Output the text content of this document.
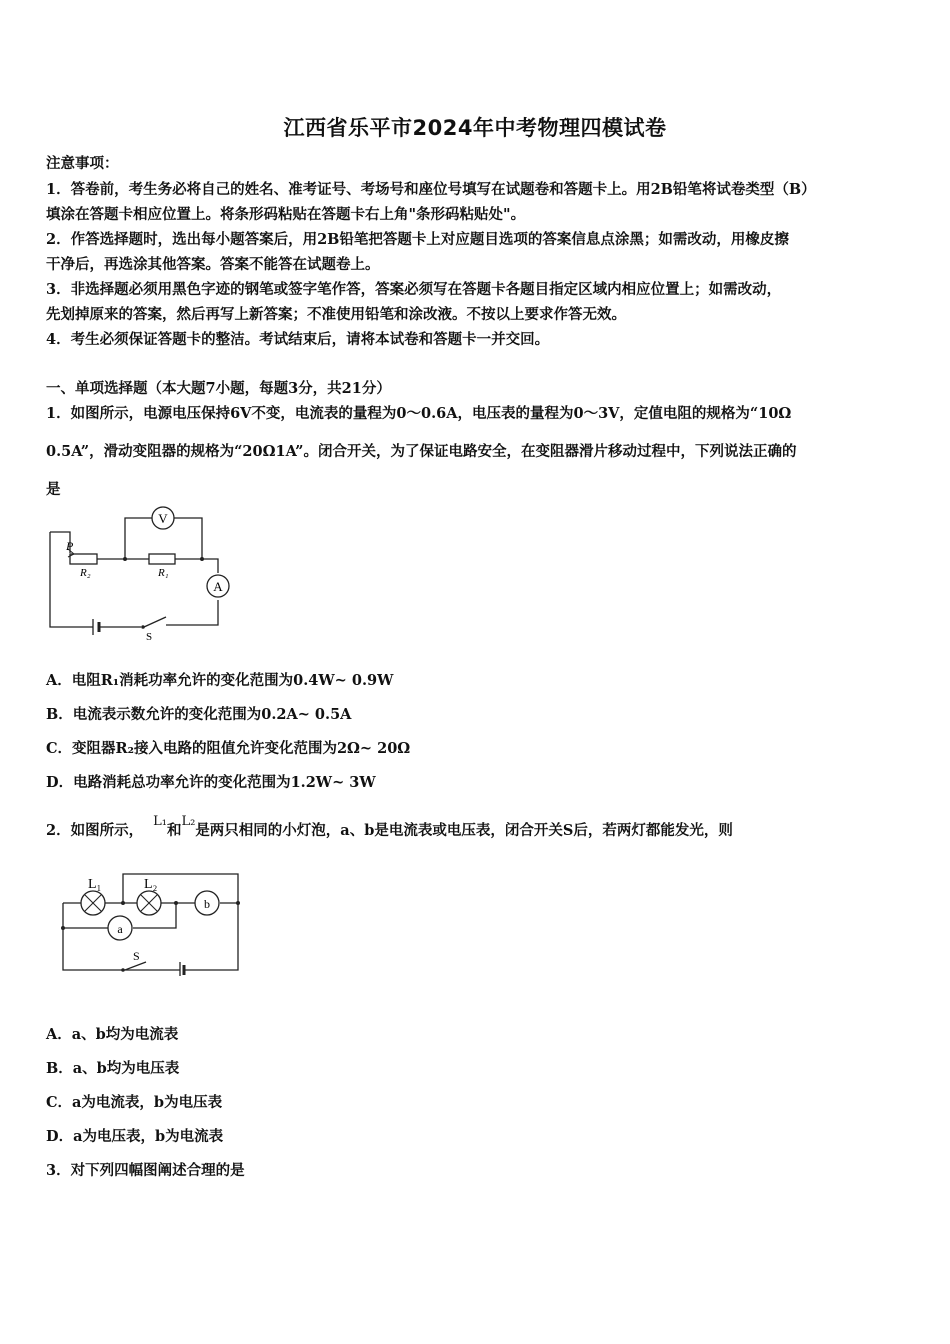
江西省乐平市2024年中考物理四模试卷
注意事项：
1．答卷前，考生务必将自己的姓名、准考证号、考场号和座位号填写在试题卷和答题卡上。用2B铅笔将试卷类型（B）
填涂在答题卡相应位置上。将条形码粘贴在答题卡右上角"条形码粘贴处"。
2．作答选择题时，选出每小题答案后，用2B铅笔把答题卡上对应题目选项的答案信息点涂黑；如需改动，用橡皮擦
干净后，再选涂其他答案。答案不能答在试题卷上。
3．非选择题必须用黑色字迹的钢笔或签字笔作答，答案必须写在答题卡各题目指定区域内相应位置上；如需改动，
先划掉原来的答案，然后再写上新答案；不准使用铅笔和涂改液。不按以上要求作答无效。
4．考生必须保证答题卡的整洁。考试结束后，请将本试卷和答题卡一并交回。
一、单项选择题（本大题7小题，每题3分，共21分）
1．如图所示，电源电压保持6V不变，电流表的量程为0～0.6A，电压表的量程为0～3V，定值电阻的规格为“10Ω
0.5A”，滑动变阻器的规格为“20Ω1A”。闭合开关，为了保证电路安全，在变阻器滑片移动过程中，下列说法正确的
是
V
A
P
R₂	R₁
S
A．电阻R₁消耗功率允许的变化范围为0.4W~ 0.9W
B．电流表示数允许的变化范围为0.2A~ 0.5A
C．变阻器R₂接入电路的阻值允许变化范围为2Ω~ 20Ω
D．电路消耗总功率允许的变化范围为1.2W~ 3W
2．如图所示，$^{L_1}$和$^{L_2}$是两只相同的小灯泡，a、b是电流表或电压表，闭合开关S后，若两灯都能发光，则
L₁	L₂
a
b
S
A．a、b均为电流表
B．a、b均为电压表
C．a为电流表，b为电压表
D．a为电压表，b为电流表
3．对下列四幅图阐述合理的是
